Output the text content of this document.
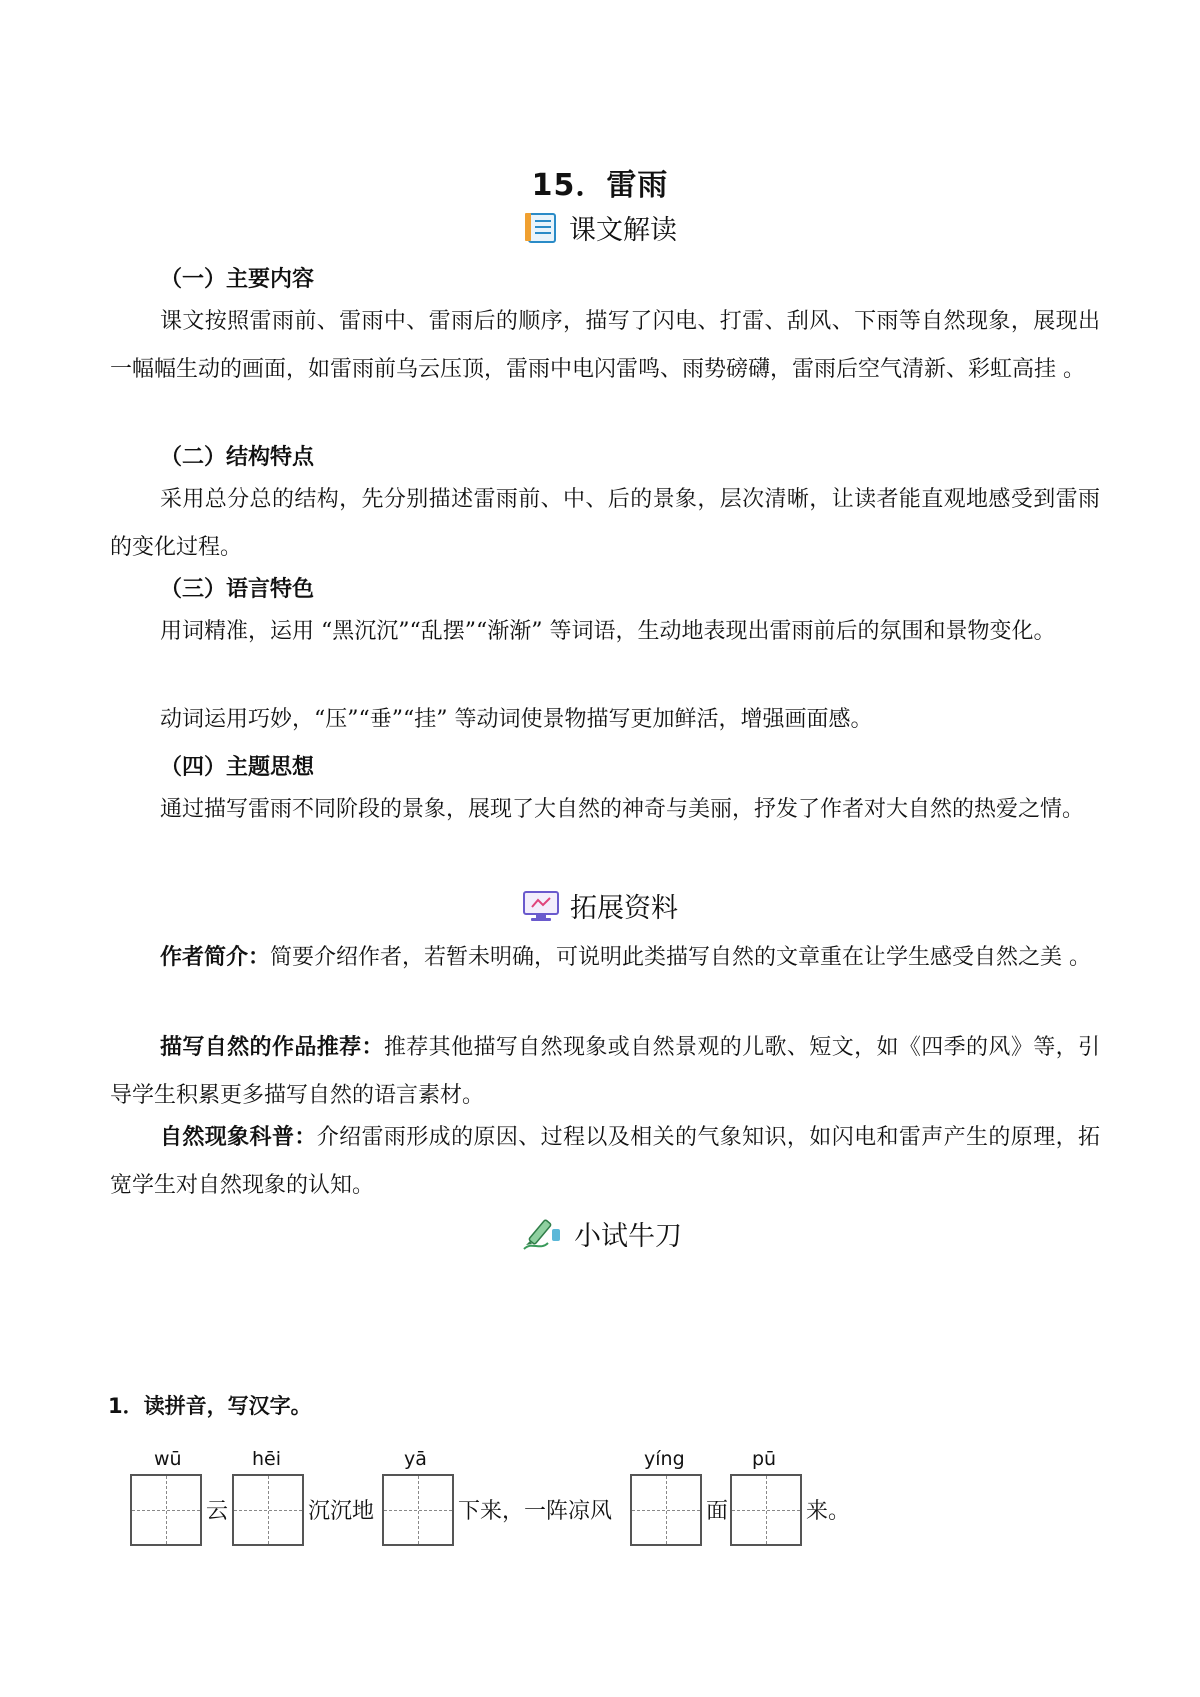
15．雷雨
课文解读
（一）主要内容
课文按照雷雨前、雷雨中、雷雨后的顺序，描写了闪电、打雷、刮风、下雨等自然现象，展现出一幅幅生动的画面，如雷雨前乌云压顶，雷雨中电闪雷鸣、雨势磅礴，雷雨后空气清新、彩虹高挂 。
（二）结构特点
采用总分总的结构，先分别描述雷雨前、中、后的景象，层次清晰，让读者能直观地感受到雷雨的变化过程。
（三）语言特色
用词精准，运用 “黑沉沉”“乱摆”“渐渐” 等词语，生动地表现出雷雨前后的氛围和景物变化。
动词运用巧妙，“压”“垂”“挂” 等动词使景物描写更加鲜活，增强画面感。
（四）主题思想
通过描写雷雨不同阶段的景象，展现了大自然的神奇与美丽，抒发了作者对大自然的热爱之情。
拓展资料
作者简介：简要介绍作者，若暂未明确，可说明此类描写自然的文章重在让学生感受自然之美 。
描写自然的作品推荐：推荐其他描写自然现象或自然景观的儿歌、短文，如《四季的风》等，引导学生积累更多描写自然的语言素材。
自然现象科普：介绍雷雨形成的原因、过程以及相关的气象知识，如闪电和雷声产生的原理，拓宽学生对自然现象的认知。
小试牛刀
1．读拼音，写汉字。
wū	hēi	yā	yíng	pū
云	沉沉地	下来，一阵凉风	面	来。
